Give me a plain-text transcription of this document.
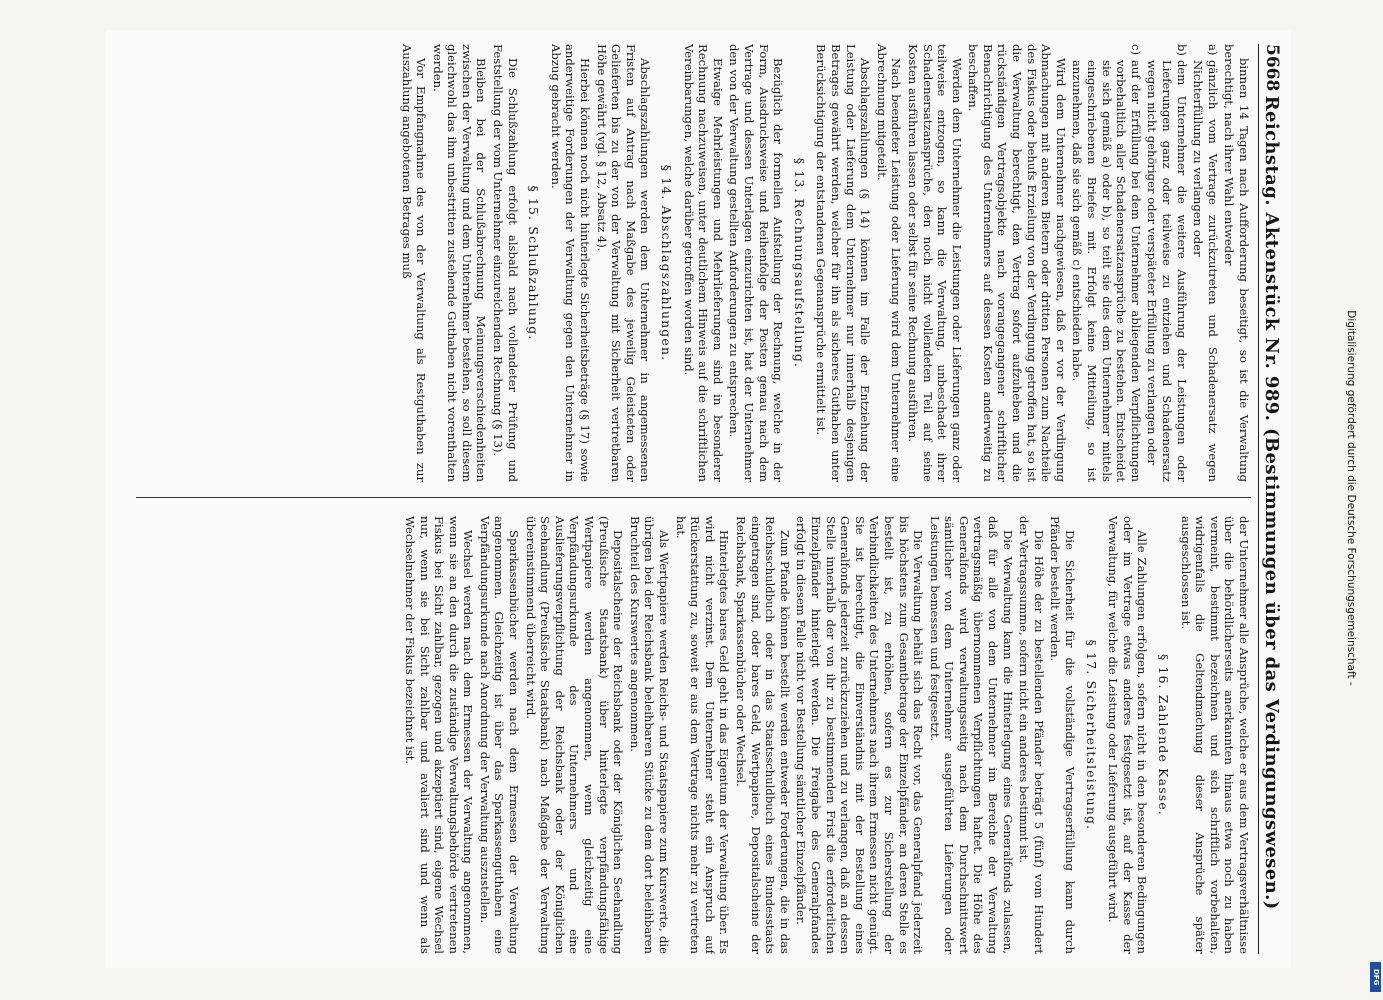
5668
Reichstag. Aktenstück Nr. 989. (Bestimmungen über das Verdingungswesen.)

binnen 14 Tagen nach Aufforderung beseitigt, so ist die Verwaltung berechtigt, nach ihrer Wahl entweder

a)
gänzlich vom Vertrage zurückzutreten und Schadenersatz wegen Nichterfüllung zu verlangen oder

b)
dem Unternehmer die weitere Ausführung der Leistungen oder Lieferungen ganz oder teilweise zu entziehen und Schadenersatz wegen nicht gehöriger oder verspäteter Erfüllung zu verlangen oder

c)
auf der Erfüllung bei dem Unternehmer abliegenden Verpflichtungen vorbehaltlich aller Schadenersatzansprüche zu bestehen. Entscheidet sie sich gemäß a) oder b), so teilt sie dies dem Unternehmer mittels eingeschriebenen Briefes mit. Erfolgt keine Mitteilung, so ist anzunehmen, daß sie sich gemäß c) entschieden habe.

Wird dem Unternehmer nachgewiesen, daß er vor der Verdingung Abmachungen mit anderen Bietern oder dritten Personen zum Nachteile des Fiskus oder behufs Erzielung von der Verdingung getroffen hat, so ist die Verwaltung berechtigt, den Vertrag sofort aufzuheben und die rückständigen Vertragsobjekte nach vorangegangener schriftlicher Benachrichtigung des Unternehmers auf dessen Kosten anderweitig zu beschaffen.

Werden dem Unternehmer die Leistungen oder Lieferungen ganz oder teilweise entzogen, so kann die Verwaltung, unbeschadet ihrer Schadenersatzansprüche, den noch nicht vollendeten Teil auf seine Kosten ausführen lassen oder selbst für seine Rechnung ausführen.

Nach beendeter Leistung oder Lieferung wird dem Unternehmer eine Abrechnung mitgeteilt.

Abschlagszahlungen (§ 14) können im Falle der Entziehung der Leistung oder Lieferung dem Unternehmer nur innerhalb desjenigen Betrages gewährt werden, welcher für ihn als sicheres Guthaben unter Berücksichtigung der entstandenen Gegenansprüche ermittelt ist.

§ 13. Rechnungsaufstellung.

Bezüglich der formellen Aufstellung der Rechnung, welche in der Form, Ausdrucksweise und Reihenfolge der Posten genau nach dem Vertrage und dessen Unterlagen einzurichten ist, hat der Unternehmer den von der Verwaltung gestellten Anforderungen zu entsprechen.

Etwaige Mehrleistungen und Mehrlieferungen sind in besonderer Rechnung nachzuweisen, unter deutlichem Hinweis auf die schriftlichen Vereinbarungen, welche darüber getroffen worden sind.

§ 14. Abschlagszahlungen.

Abschlagszahlungen werden dem Unternehmer in angemessenen Fristen auf Antrag nach Maßgabe des jeweilig Geleisteten oder Gelieferten bis zu der von der Verwaltung mit Sicherheit vertretbaren Höhe gewährt (vgl. § 12, Absatz 4).

Hierbei können noch nicht hinterlegte Sicherheitsbeträge (§ 17) sowie anderweitige Forderungen der Verwaltung gegen den Unternehmer in Abzug gebracht werden.

§ 15. Schlußzahlung.

Die Schlußzahlung erfolgt alsbald nach vollendeter Prüfung und Feststellung der vom Unternehmer einzureichenden Rechnung (§ 13).

Bleiben bei der Schlußabrechnung Meinungsverschiedenheiten zwischen der Verwaltung und dem Unternehmer bestehen, so soll diesem gleichwohl das ihm unbestritten zustehende Guthaben nicht vorenthalten werden.

Vor Empfangnahme des von der Verwaltung als Restguthaben zur Auszahlung angebotenen Betrages muß

der Unternehmer alle Ansprüche, welche er aus dem Vertragsverhältnisse über die behördlicherseits anerkannten hinaus etwa noch zu haben vermeint, bestimmt bezeichnen und sich schriftlich vorbehalten, widrigenfalls die Geltendmachung dieser Ansprüche später ausgeschlossen ist.

§ 16. Zahlende Kasse.

Alle Zahlungen erfolgen, sofern nicht in den besonderen Bedingungen oder im Vertrage etwas anderes festgesetzt ist, auf der Kasse der Verwaltung, für welche die Leistung oder Lieferung ausgeführt wird.

§ 17. Sicherheitsleistung.

Die Sicherheit für die vollständige Vertragserfüllung kann durch Pfänder bestellt werden.

Die Höhe der zu bestellenden Pfänder beträgt 5 (fünf) vom Hundert der Vertragssumme, sofern nicht ein anderes bestimmt ist.

Die Verwaltung kann die Hinterlegung eines Generalfonds zulassen, daß für alle von dem Unternehmer im Bereiche der Verwaltung vertragsmäßig übernommenen Verpflichtungen haftet. Die Höhe des Generalfonds wird verwaltungsseitig nach dem Durchschnittswert sämtlicher von dem Unternehmer ausgeführten Lieferungen oder Leistungen bemessen und festgesetzt.

Die Verwaltung behält sich das Recht vor, das Generalpfand jederzeit bis höchstens zum Gesamtbetrage der Einzelpfänder, an deren Stelle es bestellt ist, zu erhöhen, sofern es zur Sicherstellung der Verbindlichkeiten des Unternehmers nach ihrem Ermessen nicht genügt. Sie ist berechtigt, die Einverständnis mit der Bestellung eines Generalfonds jederzeit zurückzuziehen und zu verlangen, daß an dessen Stelle innerhalb der von ihr zu bestimmenden Frist die erforderlichen Einzelpfänder hinterlegt werden. Die Freigabe des Generalpfandes erfolgt in diesem Falle nicht vor Bestellung sämtlicher Einzelpfänder.

Zum Pfande können bestellt werden entweder Forderungen, die in das Reichsschuldbuch oder in das Staatsschuldbuch eines Bundesstaats eingetragen sind, oder bares Geld, Wertpapiere, Depositalscheine der Reichsbank, Sparkassenbücher oder Wechsel.

Hinterlegtes bares Geld geht in das Eigentum der Verwaltung über. Es wird nicht verzinst. Dem Unternehmer steht ein Anspruch auf Rückerstattung zu, soweit er aus dem Vertrage nichts mehr zu vertreten hat.

Als Wertpapiere werden Reichs- und Staatspapiere zum Kurswerte, die übrigen bei der Reichsbank beleihbaren Stücke zu dem dort beleihbaren Bruchteil des Kurswertes angenommen.

Depositalscheine der Reichsbank oder der Königlichen Seehandlung (Preußische Staatsbank) über hinterlegte verpfändungsfähige Wertpapiere werden angenommen, wenn gleichzeitig eine Verpfändungsurkunde des Unternehmers und eine Auslieferungsverpflichtung der Reichsbank oder der Königlichen Seehandlung (Preußische Staatsbank) nach Maßgabe der Verwaltung übereinstimmend überreicht wird.

Sparkassenbücher werden nach dem Ermessen der Verwaltung angenommen. Gleichzeitig ist über das Sparkassenguthaben eine Verpfändungsurkunde nach Anordnung der Verwaltung auszustellen.

Wechsel werden nach dem Ermessen der Verwaltung angenommen, wenn sie an den durch die zuständige Verwaltungsbehörde vertretenen Fiskus bei Sicht zahlbar, gezogen und akzeptiert sind, eigene Wechsel nur, wenn sie bei Sicht zahlbar und avaliert sind und wenn als Wechselnehmer der Fiskus bezeichnet ist.	Digitalisierung gefördert durch die Deutsche Forschungsgemeinschaft -
DFG
